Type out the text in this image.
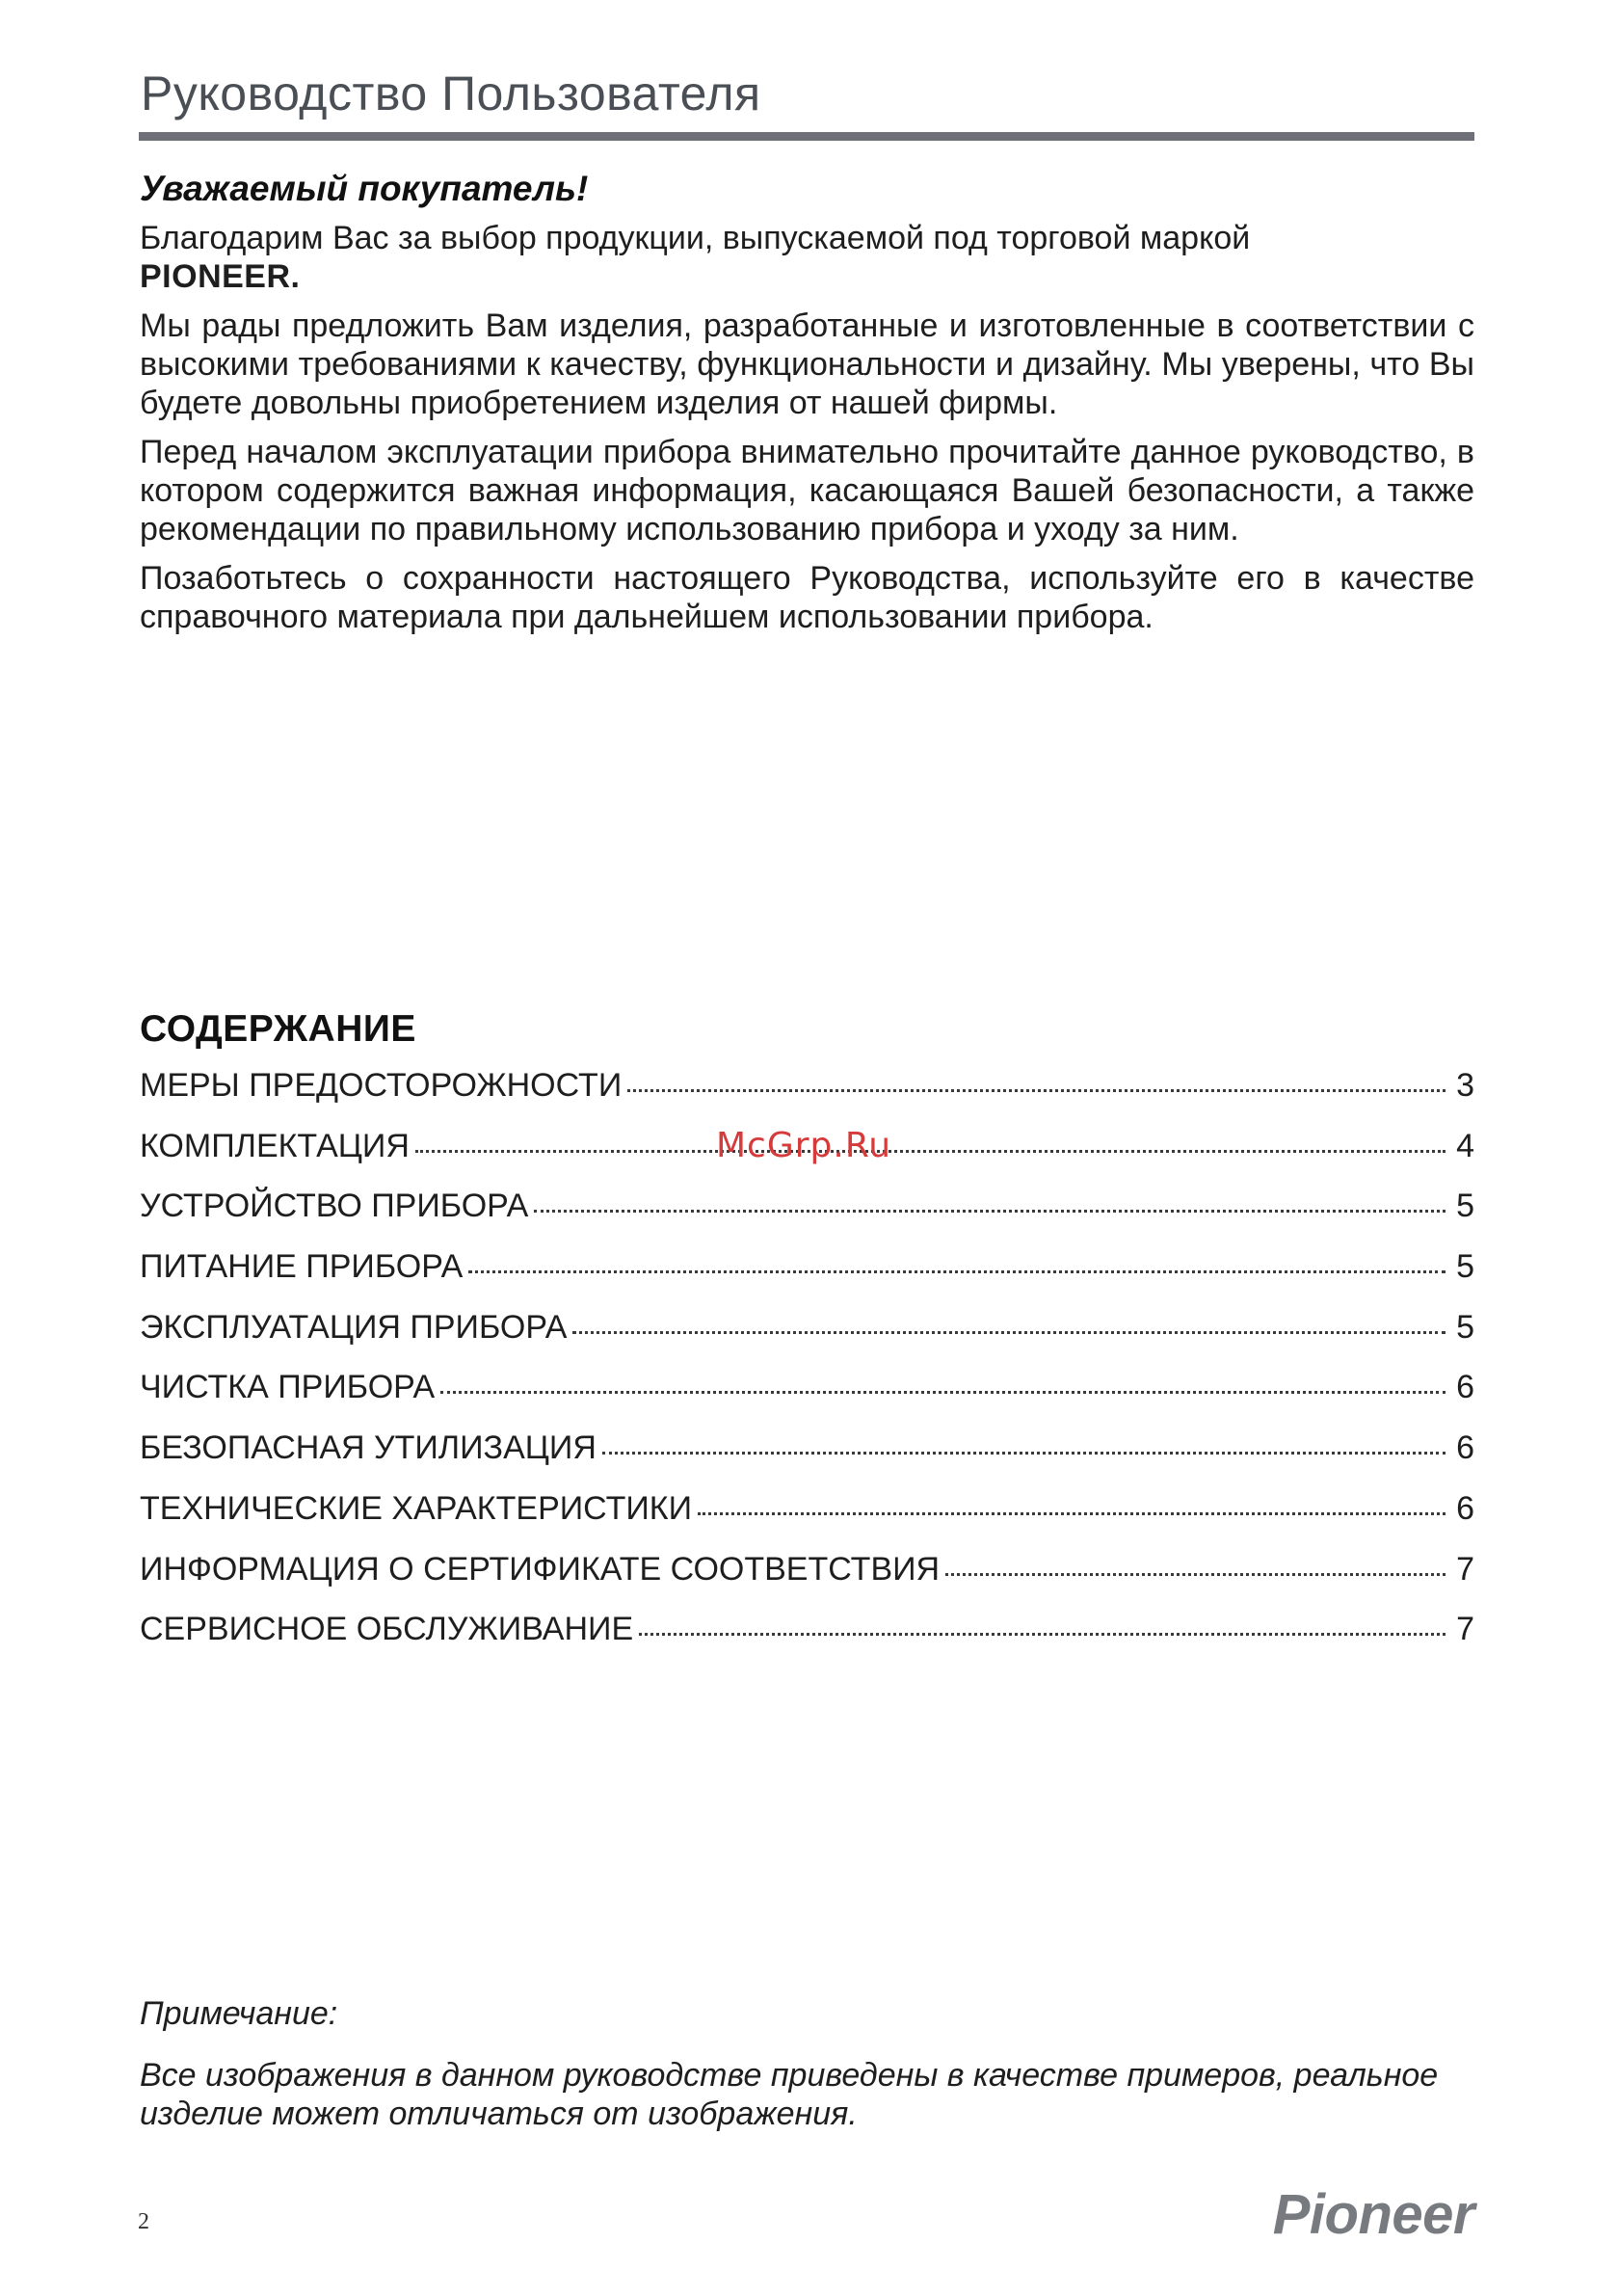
Руководство Пользователя
Уважаемый покупатель!

Благодарим Вас за выбор продукции, выпускаемой под торговой маркой
PIONEER.

Мы рады предложить Вам изделия, разработанные и изготовленные в соответствии с высокими требованиями к качеству, функциональности и дизайну. Мы уверены, что Вы будете довольны приобретением изделия от нашей фирмы.

Перед началом эксплуатации прибора внимательно прочитайте данное руководство, в котором содержится важная информация, касающаяся Вашей безопасности, а также рекомендации по правильному использованию прибора и уходу за ним.

Позаботьтесь о сохранности настоящего Руководства, используйте его в качестве справочного материала при дальнейшем использовании прибора.

СОДЕРЖАНИЕ
МЕРЫ ПРЕДОСТОРОЖНОСТИ	3
КОМПЛЕКТАЦИЯ	4
УСТРОЙСТВО ПРИБОРА	5
ПИТАНИЕ ПРИБОРА	5
ЭКСПЛУАТАЦИЯ ПРИБОРА	5
ЧИСТКА ПРИБОРА	6
БЕЗОПАСНАЯ УТИЛИЗАЦИЯ	6
ТЕХНИЧЕСКИЕ ХАРАКТЕРИСТИКИ	6
ИНФОРМАЦИЯ О СЕРТИФИКАТЕ СООТВЕТСТВИЯ	7
СЕРВИСНОЕ ОБСЛУЖИВАНИЕ	7
McGrp.Ru
Примечание:
Все изображения в данном руководстве приведены в качестве примеров, реальное изделие может отличаться от изображения.
2	Pioneer
